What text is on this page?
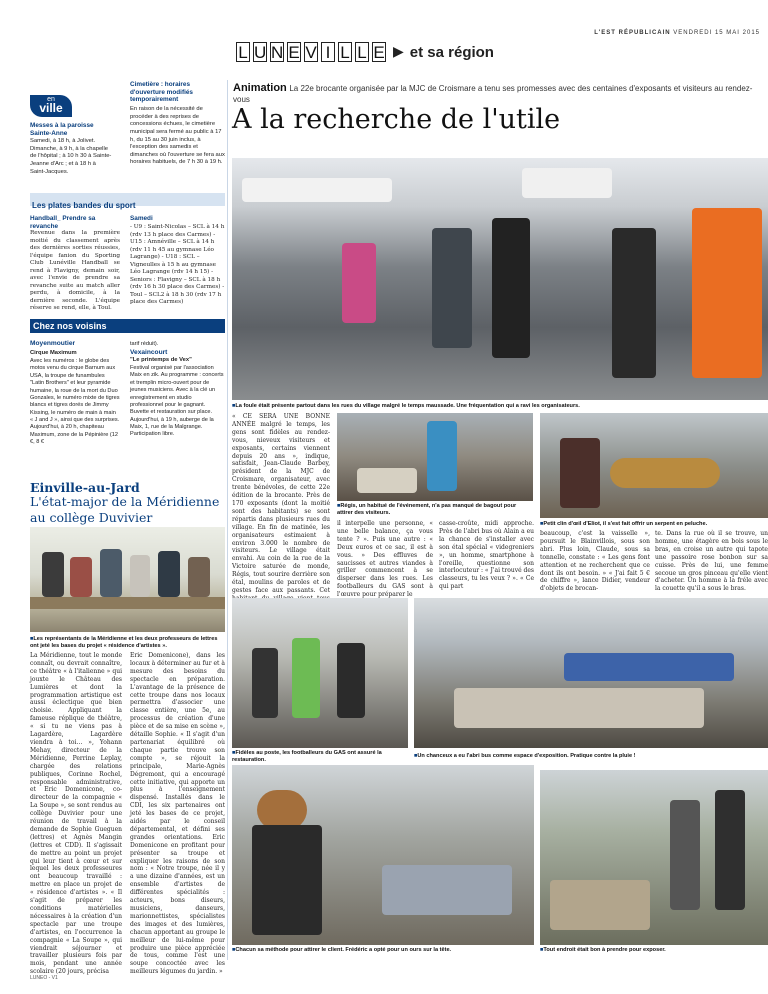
L'EST RÉPUBLICAIN VENDREDI 15 MAI 2015
L U N E V I L L E ▶ et sa région
en
ville
Messes à la paroisse Sainte-Anne
Samedi, à 18 h, à Jolivet. Dimanche, à 9 h, à la chapelle de l'hôpital ; à 10 h 30 à Sainte-Jeanne d'Arc ; et à 18 h à Saint-Jacques.
Cimetière : horaires d'ouverture modifiés temporairement
En raison de la nécessité de procéder à des reprises de concessions échues, le cimetière municipal sera fermé au public à 17 h, du 15 au 30 juin inclus, à l'exception des samedis et dimanches où l'ouverture se fera aux horaires habituels, de 7 h 30 à 19 h.
Les plates bandes du sport
Handball_ Prendre sa revanche
Revenue dans la première moitié du classement après des dernières sorties réussies, l'équipe fanion du Sporting Club Lunéville Handball se rend à Flavigny, demain soir, avec l'envie de prendre sa revanche suite au match aller perdu, à domicile, à la dernière seconde. L'équipe réserve se rend, elle, à Toul.
Samedi
- U9 : Saint-Nicolas – SCL à 14 h (rdv 13 h place des Carmes) - U15 : Amnéville – SCL à 14 h (rdv 11 h 45 au gymnase Léo Lagrange) - U18 : SCL – Vigneulles à 15 h au gymnase Léo Lagrange (rdv 14 h 15) - Seniors : Flavigny – SCL à 18 h (rdv 16 h 30 place des Carmes) - Toul – SCL2 à 18 h 30 (rdv 17 h place des Carmes)
Chez nos voisins
Moyenmoutier
Cirque Maximum
Avec les numéros : le globe des motos venu du cirque Barnum aux USA, la troupe de funambules "Latin Brothers" et leur pyramide humaine, la roue de la mort du Duo Gonzales, le numéro mixte de tigres blancs et tigres dorés de Jimmy Kissing, le numéro de main à main « J and J », ainsi que des surprises. Aujourd'hui, à 20 h, chapiteau Maximum, zone de la Pépinière (12 €, 8 €
tarif réduit).
Vexaincourt
"Le printemps de Vex"
Festival organisé par l'association Maix en zik. Au programme : concerts et tremplin micro-ouvert pour de jeunes musiciens. Avec à la clé un enregistrement en studio professionnel pour le gagnant. Buvette et restauration sur place. Aujourd'hui, à 19 h, auberge de la Maix, 1, rue de la Malgrange. Participation libre.
Einville-au-Jard
L'état-major de la Méridienne au collège Duvivier
■ Les représentants de la Méridienne et les deux professeurs de lettres ont jeté les bases du projet « résidence d'artistes ».
La Méridienne, tout le monde connaît, ou devrait connaître, ce théâtre « à l'italienne » qui jouxte le Château des Lumières et dont la programmation artistique est aussi éclectique que bien choisie. Appliquant la fameuse réplique de théâtre, « si tu ne viens pas à Lagardère, Lagardère viendra à toi… », Yohann Mehay, directeur de la Méridienne, Perrine Leplay, chargée des relations publiques, Corinne Rochel, responsable administrative, et Eric Domenicone, co-directeur de la compagnie « La Soupe », se sont rendus au collège Duvivier pour une réunion de travail à la demande de Sophie Gueguen (lettres) et Agnès Mangin (lettres et CDD). Il s'agissait de mettre au point un projet qui leur tient à cœur et sur lequel les deux professeures ont beaucoup travaillé : mettre en place un projet de « résidence d'artistes ». « Il s'agit de préparer les conditions matérielles nécessaires à la création d'un spectacle par une troupe d'artistes, en l'occurrence la compagnie « La Soupe », qui viendrait séjourner et travailler plusieurs fois par mois, pendant une année scolaire (20 jours, précisa
Eric Domenicone), dans les locaux à déterminer au fur et à mesure des besoins du spectacle en préparation. L'avantage de la présence de cette troupe dans nos locaux permettra d'associer une classe entière, une 5e, au processus de création d'une pièce et de sa mise en scène », détaille Sophie. « Il s'agit d'un partenariat équilibré où chaque partie trouve son compte », se réjouit la principale, Marie-Agnès Dégremont, qui a encouragé cette initiative, qui apporte un plus à l'enseignement dispensé. Installés dans le CDI, les six partenaires ont jeté les bases de ce projet, aidés par le conseil départemental, et défini ses grandes orientations. Eric Domenicone en profitant pour présenter sa troupe et expliquer les raisons de son nom : « Notre troupe, née il y a une dizaine d'années, est un ensemble d'artistes de différentes spécialités : acteurs, bons diseurs, musiciens, danseurs, marionnettistes, spécialistes des images et des lumières, chacun apportant au groupe le meilleur de lui-même pour produire une pièce appréciée de tous, comme l'est une soupe concoctée avec les meilleurs légumes du jardin. »
Animation La 22e brocante organisée par la MJC de Croismare a tenu ses promesses avec des centaines d'exposants et visiteurs au rendez-vous
A la recherche de l'utile
■ La foule était présente partout dans les rues du village malgré le temps maussade. Une fréquentation qui a ravi les organisateurs.
« CE SERA UNE BONNE ANNÉE malgré le temps, les gens sont fidèles au rendez-vous, nieveux visiteurs et exposants, certains viennent depuis 20 ans », indique, satisfait, Jean-Claude Barbey, président de la MJC de Croismare, organisateur, avec trente bénévoles, de cette 22e édition de la brocante. Près de 170 exposants (dont la moitié sont des habitants) se sont répartis dans plusieurs rues du village. En fin de matinée, les organisateurs estimaient à environ 3.000 le nombre de visiteurs. Le village était envahi. Au coin de la rue de la Victoire saturée de monde, Régis, tout sourire derrière son étal, moulins de paroles et de gestes face aux passants. Cet
■ Régis, un habitué de l'événement, n'a pas manqué de bagout pour attirer des visiteurs.
il interpelle une personne, « une belle balance, ça vous tente ? ». Puis une autre : « Deux euros et ce sac, il est à vous. » Des effluves de saucisses et autres viandes à griller commencent à se disperser dans les rues. Les footballeurs du GAS sont à l'œuvre pour préparer le
casse-croûte, midi approche. Près de l'abri bus où Alain a eu la chance de s'installer avec son étal spécial « videgreniers », un homme, smartphone à l'oreille, questionne son interlocuteur : « J'ai trouvé des classeurs, tu les veux ? ». « Ce qui part
■ Petit clin d'œil d'Eliot, il s'est fait offrir un serpent en peluche.
beaucoup, c'est la vaisselle », poursuit le Blainvillois, sous son abri. Plus loin, Claude, sous sa tonnelle, constate : « Les gens font attention et ne recherchent que ce dont ils ont besoin. » « J'ai fait 5 € de chiffre », lance Didier, vendeur d'objets de brocan-
te. Dans la rue où il se trouve, un homme, une étagère en bois sous le bras, en croise un autre qui tapote une passoire rose bonbon sur sa cuisse. Près de lui, une femme secoue un gros pinceau qu'elle vient d'acheter. Un homme à la fréle avec la couette qu'il a sous le bras.
■ Fidèles au poste, les footballeurs du GAS ont assuré la restauration.
■ Un chanceux a eu l'abri bus comme espace d'exposition. Pratique contre la pluie !
■ Chacun sa méthode pour attirer le client. Frédéric a opté pour un ours sur la tête.
■	Tout endroit était bon à prendre pour exposer.
LUNEO - V1
